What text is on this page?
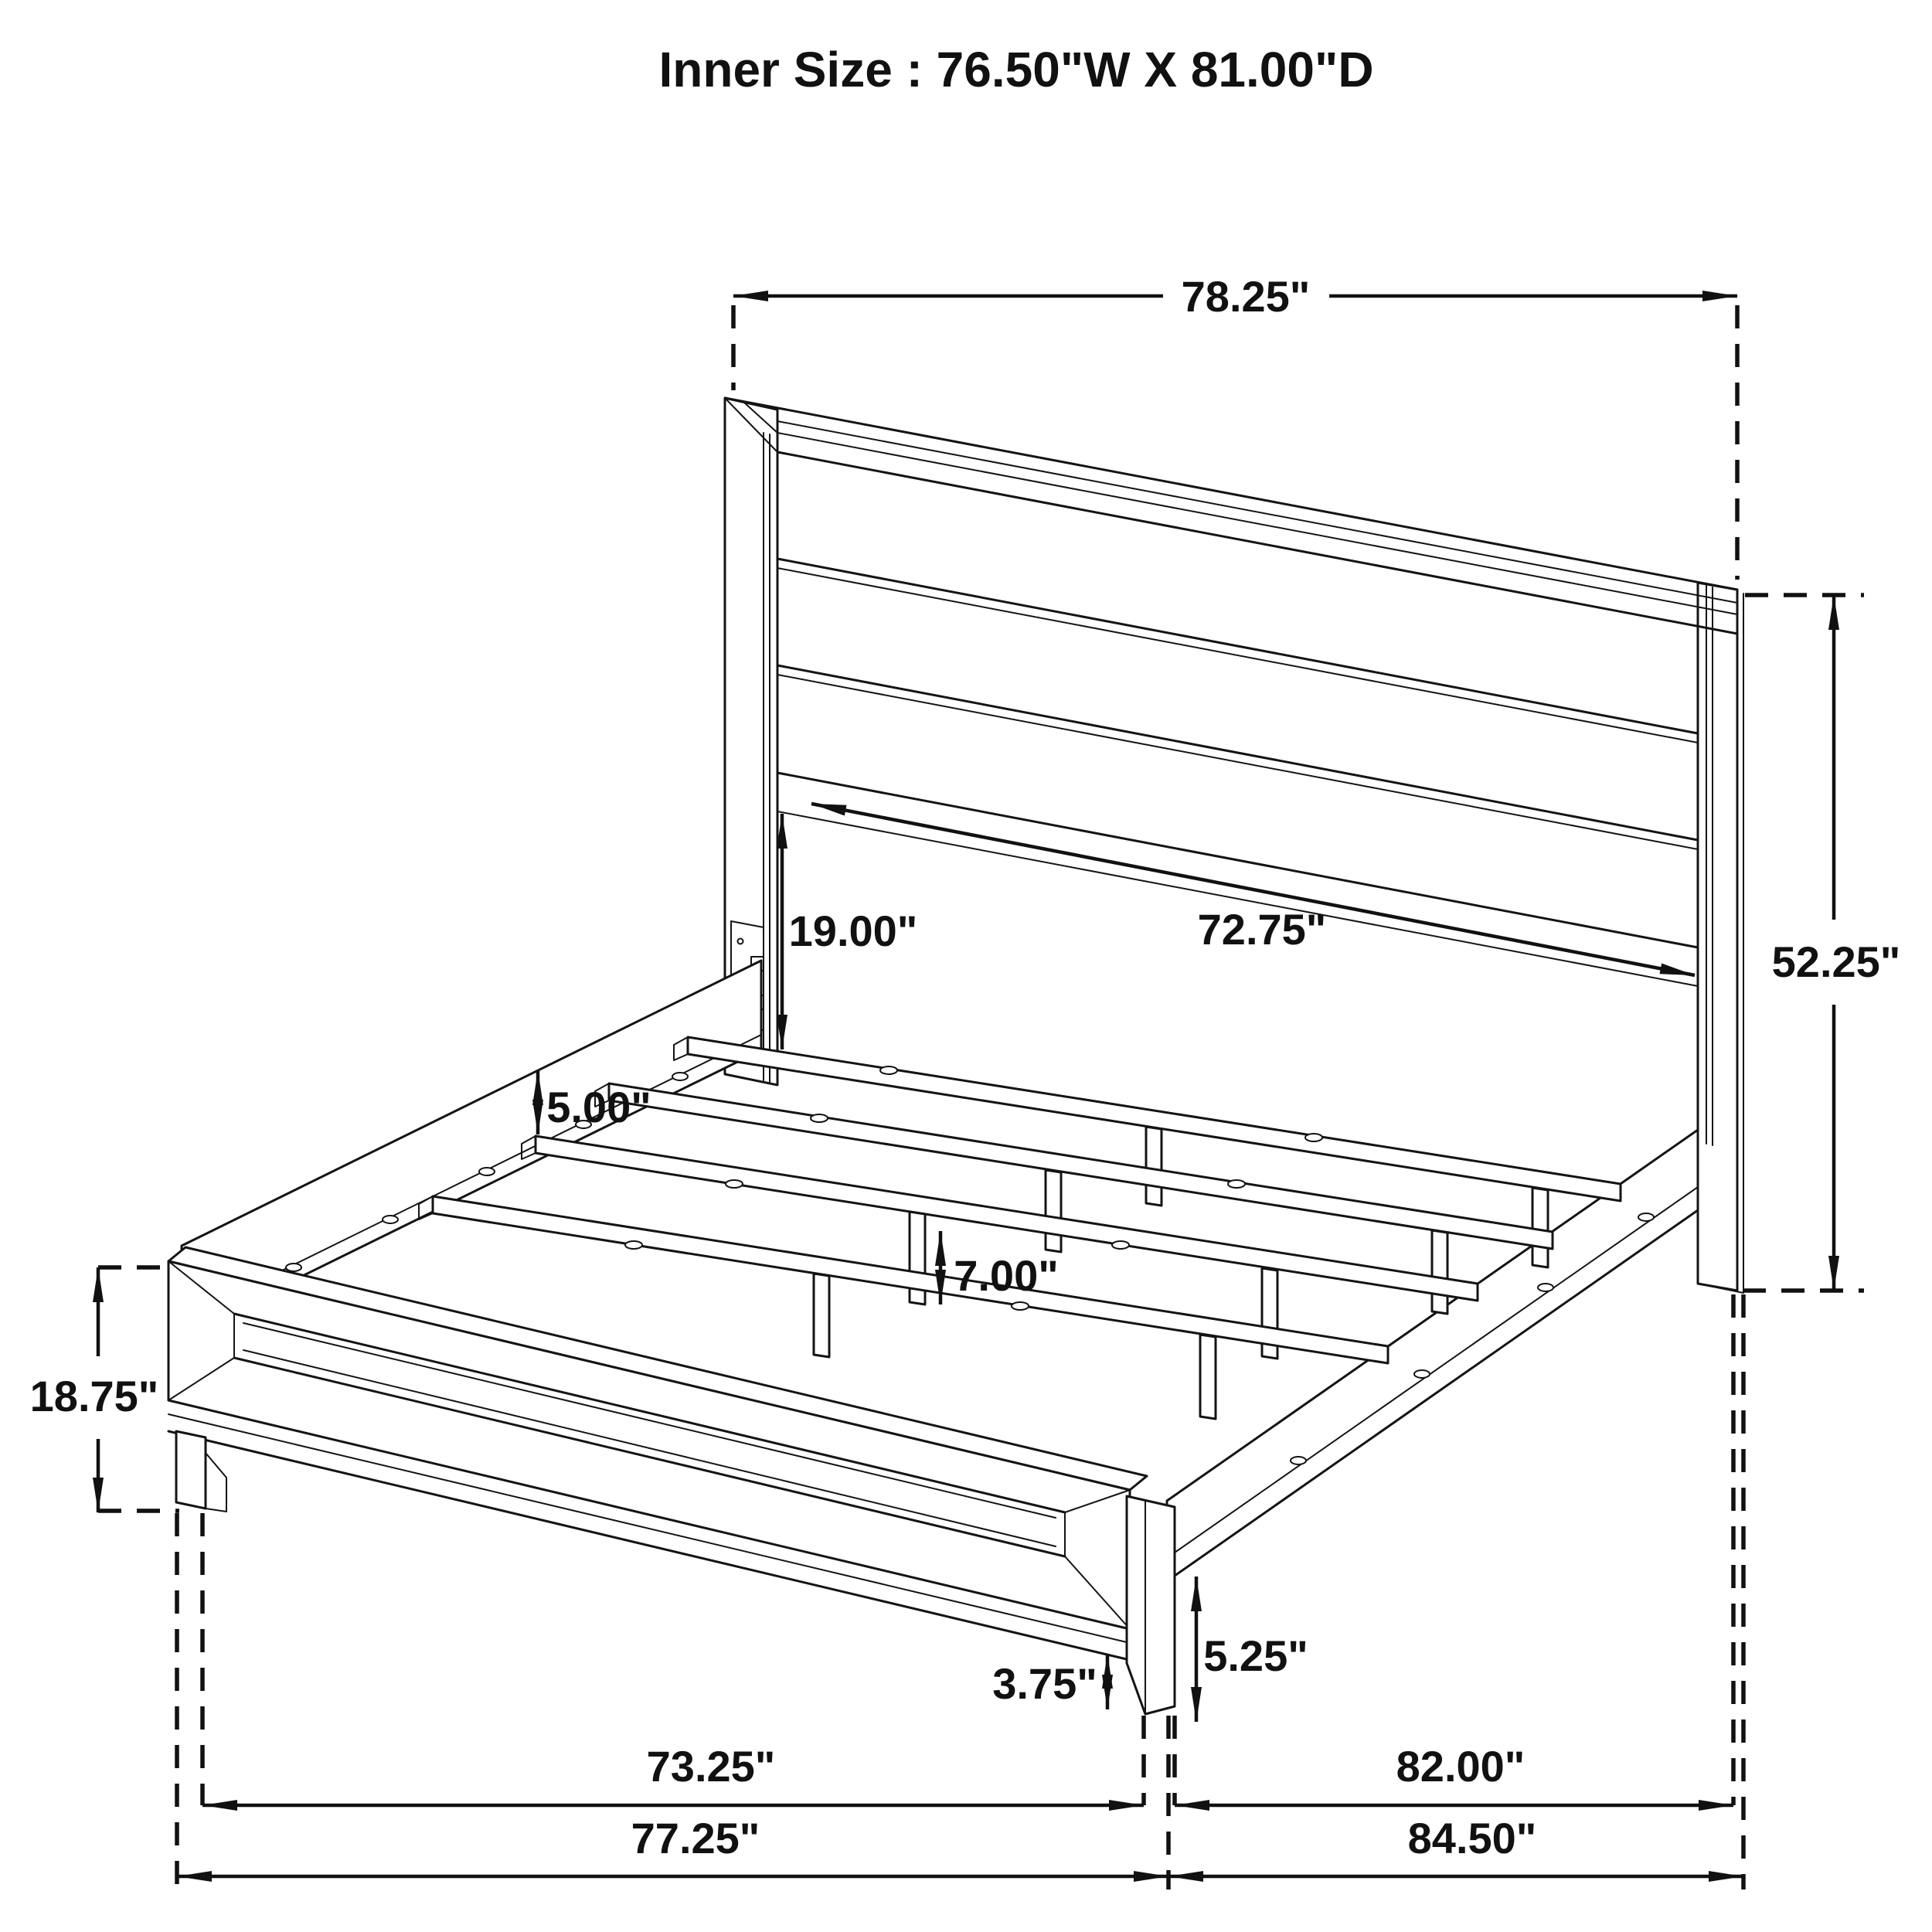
Inner Size : 76.50"W X 81.00"D
78.25"
52.25"
72.75"
19.00"
5.00"
7.00"
18.75"
3.75"
5.25"
73.25"	82.00"
77.25"	84.50"
